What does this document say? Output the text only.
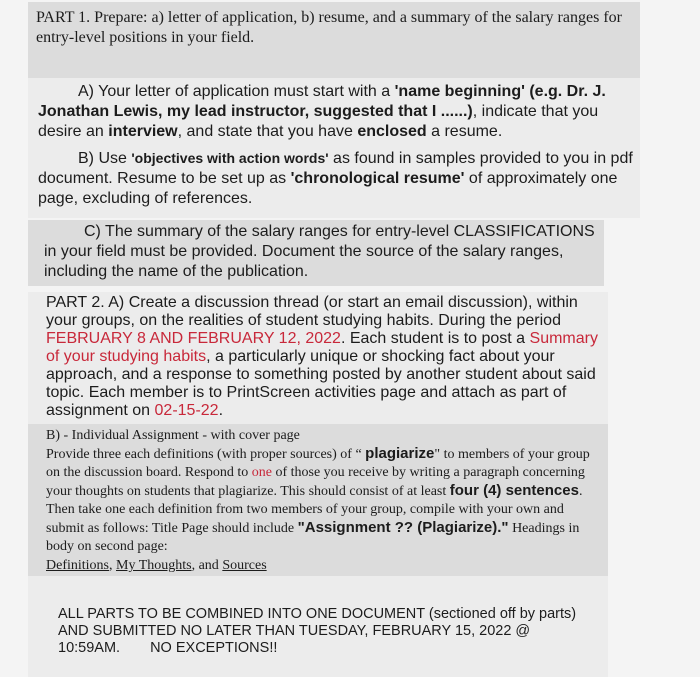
PART 1. Prepare: a) letter of application, b) resume, and a summary of the salary ranges for entry-level positions in your field.

A) Your letter of application must start with a 'name beginning' (e.g. Dr. J. Jonathan Lewis, my lead instructor, suggested that I ......), indicate that you desire an interview, and state that you have enclosed a resume.

B) Use 'objectives with action words' as found in samples provided to you in pdf document. Resume to be set up as 'chronological resume' of approximately one page, excluding of references.

C) The summary of the salary ranges for entry-level CLASSIFICATIONS in your field must be provided. Document the source of the salary ranges, including the name of the publication.

PART 2. A) Create a discussion thread (or start an email discussion), within your groups, on the realities of student studying habits. During the period FEBRUARY 8 AND FEBRUARY 12, 2022. Each student is to post a Summary of your studying habits, a particularly unique or shocking fact about your approach, and a response to something posted by another student about said topic. Each member is to PrintScreen activities page and attach as part of assignment on 02-15-22.

B) - Individual Assignment - with cover page

Provide three each definitions (with proper sources) of “ plagiarize" to members of your group on the discussion board. Respond to one of those you receive by writing a paragraph concerning your thoughts on students that plagiarize. This should consist of at least four (4) sentences. Then take one each definition from two members of your group, compile with your own and submit as follows: Title Page should include "Assignment ?? (Plagiarize)." Headings in body on second page:

Definitions, My Thoughts, and Sources

ALL PARTS TO BE COMBINED INTO ONE DOCUMENT (sectioned off by parts)

AND SUBMITTED NO LATER THAN TUESDAY, FEBRUARY 15, 2022 @

10:59AM. NO EXCEPTIONS!!
